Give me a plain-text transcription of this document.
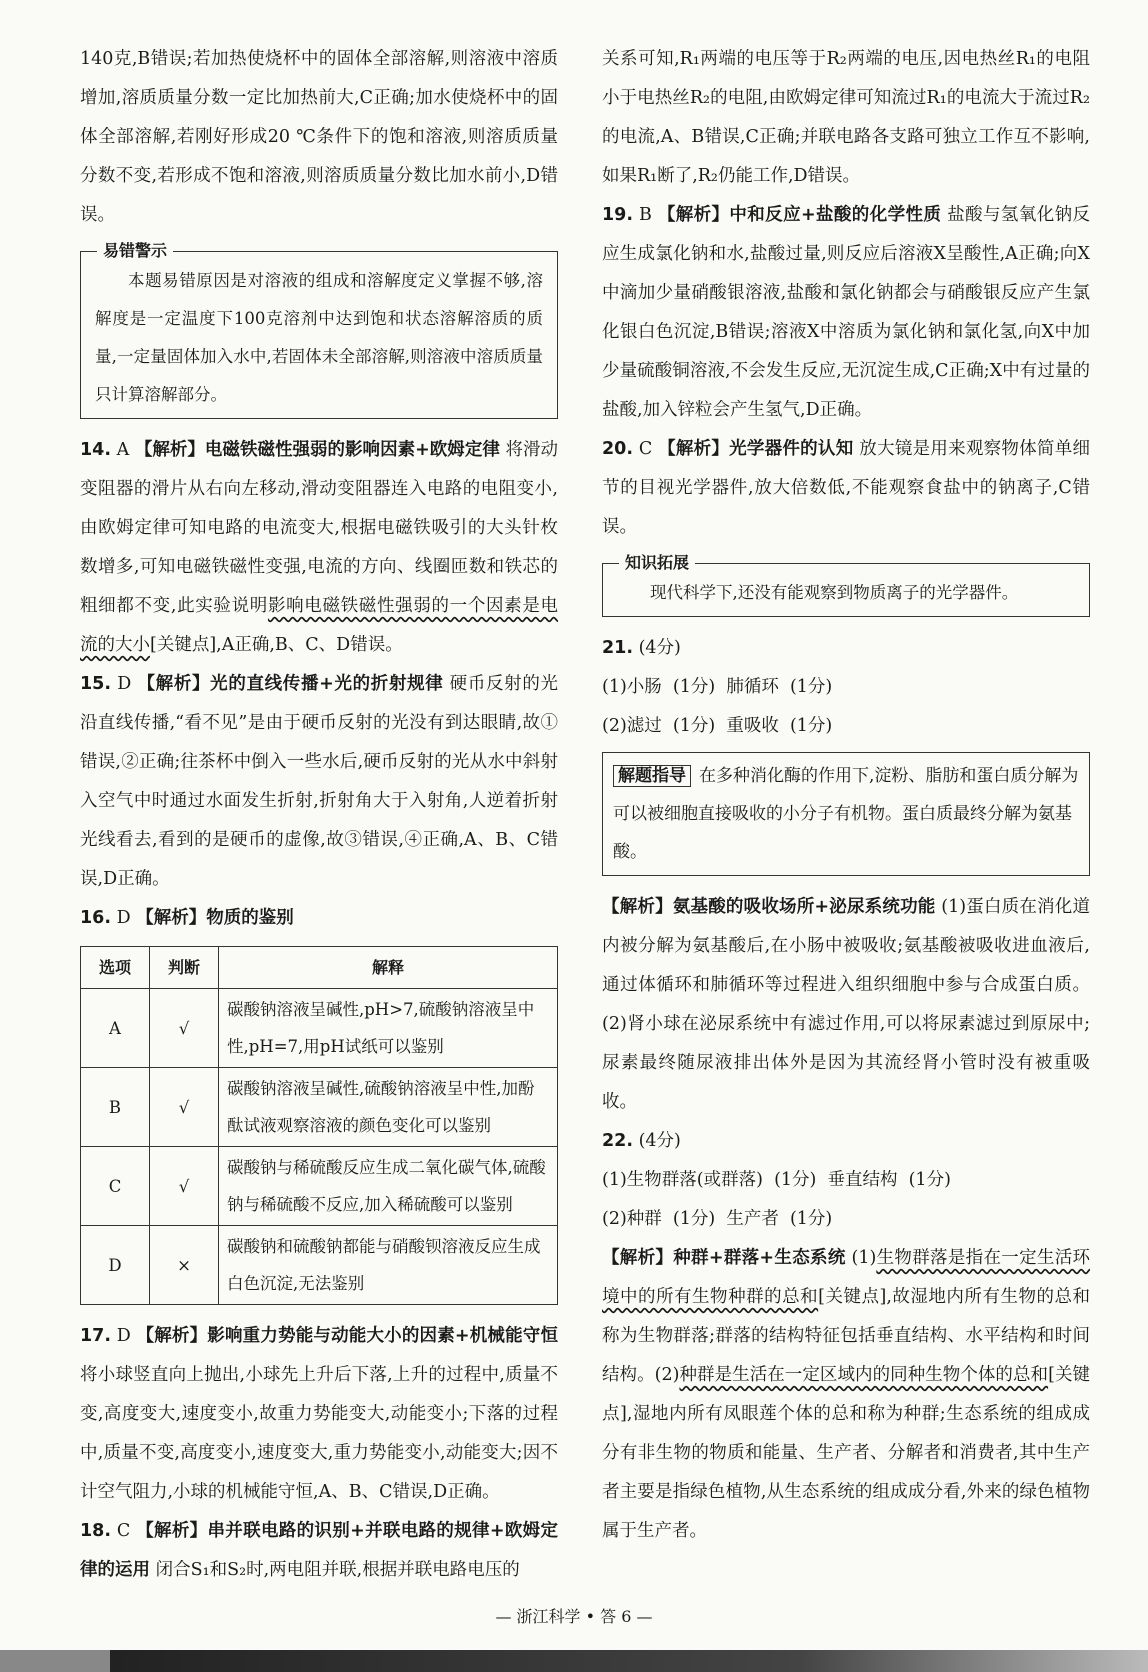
140克,B错误;若加热使烧杯中的固体全部溶解,则溶液中溶质增加,溶质质量分数一定比加热前大,C正确;加水使烧杯中的固体全部溶解,若刚好形成20 ℃条件下的饱和溶液,则溶质质量分数不变,若形成不饱和溶液,则溶质质量分数比加水前小,D错误。

易错警示

本题易错原因是对溶液的组成和溶解度定义掌握不够,溶解度是一定温度下100克溶剂中达到饱和状态溶解溶质的质量,一定量固体加入水中,若固体未全部溶解,则溶液中溶质质量只计算溶解部分。

14. A 【解析】电磁铁磁性强弱的影响因素+欧姆定律 将滑动变阻器的滑片从右向左移动,滑动变阻器连入电路的电阻变小,由欧姆定律可知电路的电流变大,根据电磁铁吸引的大头针枚数增多,可知电磁铁磁性变强,电流的方向、线圈匝数和铁芯的粗细都不变,此实验说明影响电磁铁磁性强弱的一个因素是电流的大小[关键点],A正确,B、C、D错误。

15. D 【解析】光的直线传播+光的折射规律 硬币反射的光沿直线传播,“看不见”是由于硬币反射的光没有到达眼睛,故①错误,②正确;往茶杯中倒入一些水后,硬币反射的光从水中斜射入空气中时通过水面发生折射,折射角大于入射角,人逆着折射光线看去,看到的是硬币的虚像,故③错误,④正确,A、B、C错误,D正确。

16. D 【解析】物质的鉴别

选项	判断	解释
A	√	碳酸钠溶液呈碱性,pH>7,硫酸钠溶液呈中性,pH=7,用pH试纸可以鉴别
B	√	碳酸钠溶液呈碱性,硫酸钠溶液呈中性,加酚酞试液观察溶液的颜色变化可以鉴别
C	√	碳酸钠与稀硫酸反应生成二氧化碳气体,硫酸钠与稀硫酸不反应,加入稀硫酸可以鉴别
D	×	碳酸钠和硫酸钠都能与硝酸钡溶液反应生成白色沉淀,无法鉴别

17. D 【解析】影响重力势能与动能大小的因素+机械能守恒 将小球竖直向上抛出,小球先上升后下落,上升的过程中,质量不变,高度变大,速度变小,故重力势能变大,动能变小;下落的过程中,质量不变,高度变小,速度变大,重力势能变小,动能变大;因不计空气阻力,小球的机械能守恒,A、B、C错误,D正确。

18. C 【解析】串并联电路的识别+并联电路的规律+欧姆定律的运用 闭合S₁和S₂时,两电阻并联,根据并联电路电压的

关系可知,R₁两端的电压等于R₂两端的电压,因电热丝R₁的电阻小于电热丝R₂的电阻,由欧姆定律可知流过R₁的电流大于流过R₂的电流,A、B错误,C正确;并联电路各支路可独立工作互不影响,如果R₁断了,R₂仍能工作,D错误。

19. B 【解析】中和反应+盐酸的化学性质 盐酸与氢氧化钠反应生成氯化钠和水,盐酸过量,则反应后溶液X呈酸性,A正确;向X中滴加少量硝酸银溶液,盐酸和氯化钠都会与硝酸银反应产生氯化银白色沉淀,B错误;溶液X中溶质为氯化钠和氯化氢,向X中加少量硫酸铜溶液,不会发生反应,无沉淀生成,C正确;X中有过量的盐酸,加入锌粒会产生氢气,D正确。

20. C 【解析】光学器件的认知 放大镜是用来观察物体简单细节的目视光学器件,放大倍数低,不能观察食盐中的钠离子,C错误。

知识拓展

现代科学下,还没有能观察到物质离子的光学器件。

21. (4分)

(1)小肠  (1分)  肺循环  (1分)

(2)滤过  (1分)  重吸收  (1分)

解题指导 在多种消化酶的作用下,淀粉、脂肪和蛋白质分解为可以被细胞直接吸收的小分子有机物。蛋白质最终分解为氨基酸。

【解析】氨基酸的吸收场所+泌尿系统功能 (1)蛋白质在消化道内被分解为氨基酸后,在小肠中被吸收;氨基酸被吸收进血液后,通过体循环和肺循环等过程进入组织细胞中参与合成蛋白质。(2)肾小球在泌尿系统中有滤过作用,可以将尿素滤过到原尿中;尿素最终随尿液排出体外是因为其流经肾小管时没有被重吸收。

22. (4分)

(1)生物群落(或群落)  (1分)  垂直结构  (1分)

(2)种群  (1分)  生产者  (1分)

【解析】种群+群落+生态系统 (1)生物群落是指在一定生活环境中的所有生物种群的总和[关键点],故湿地内所有生物的总和称为生物群落;群落的结构特征包括垂直结构、水平结构和时间结构。(2)种群是生活在一定区域内的同种生物个体的总和[关键点],湿地内所有凤眼莲个体的总和称为种群;生态系统的组成成分有非生物的物质和能量、生产者、分解者和消费者,其中生产者主要是指绿色植物,从生态系统的组成成分看,外来的绿色植物属于生产者。

— 浙江科学 • 答 6 —
